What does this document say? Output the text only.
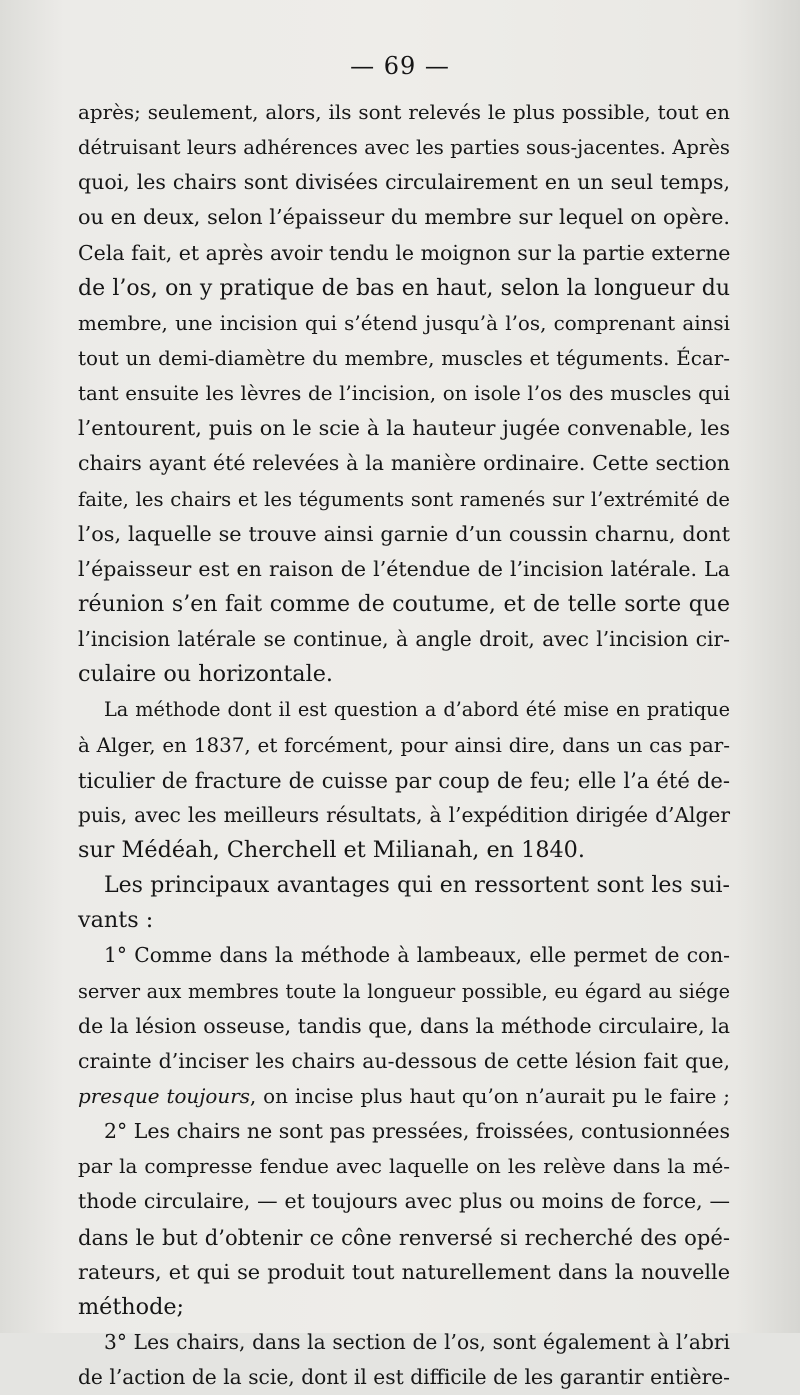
— 69 —
après; seulement, alors, ils sont relevés le plus possible, tout en
détruisant leurs adhérences avec les parties sous-jacentes. Après
quoi, les chairs sont divisées circulairement en un seul temps,
ou en deux, selon l’épaisseur du membre sur lequel on opère.
Cela fait, et après avoir tendu le moignon sur la partie externe
de l’os, on y pratique de bas en haut, selon la longueur du
membre, une incision qui s’étend jusqu’à l’os, comprenant ainsi
tout un demi-diamètre du membre, muscles et téguments. Écar-
tant ensuite les lèvres de l’incision, on isole l’os des muscles qui
l’entourent, puis on le scie à la hauteur jugée convenable, les
chairs ayant été relevées à la manière ordinaire. Cette section
faite, les chairs et les téguments sont ramenés sur l’extrémité de
l’os, laquelle se trouve ainsi garnie d’un coussin charnu, dont
l’épaisseur est en raison de l’étendue de l’incision latérale. La
réunion s’en fait comme de coutume, et de telle sorte que
l’incision latérale se continue, à angle droit, avec l’incision cir-
culaire ou horizontale.
La méthode dont il est question a d’abord été mise en pratique
à Alger, en 1837, et forcément, pour ainsi dire, dans un cas par-
ticulier de fracture de cuisse par coup de feu; elle l’a été de-
puis, avec les meilleurs résultats, à l’expédition dirigée d’Alger
sur Médéah, Cherchell et Milianah, en 1840.
Les principaux avantages qui en ressortent sont les sui-
vants :
1° Comme dans la méthode à lambeaux, elle permet de con-
server aux membres toute la longueur possible, eu égard au siége
de la lésion osseuse, tandis que, dans la méthode circulaire, la
crainte d’inciser les chairs au-dessous de cette lésion fait que,
presque toujours, on incise plus haut qu’on n’aurait pu le faire ;
2° Les chairs ne sont pas pressées, froissées, contusionnées
par la compresse fendue avec laquelle on les relève dans la mé-
thode circulaire, — et toujours avec plus ou moins de force, —
dans le but d’obtenir ce cône renversé si recherché des opé-
rateurs, et qui se produit tout naturellement dans la nouvelle
méthode;
3° Les chairs, dans la section de l’os, sont également à l’abri
de l’action de la scie, dont il est difficile de les garantir entière-
